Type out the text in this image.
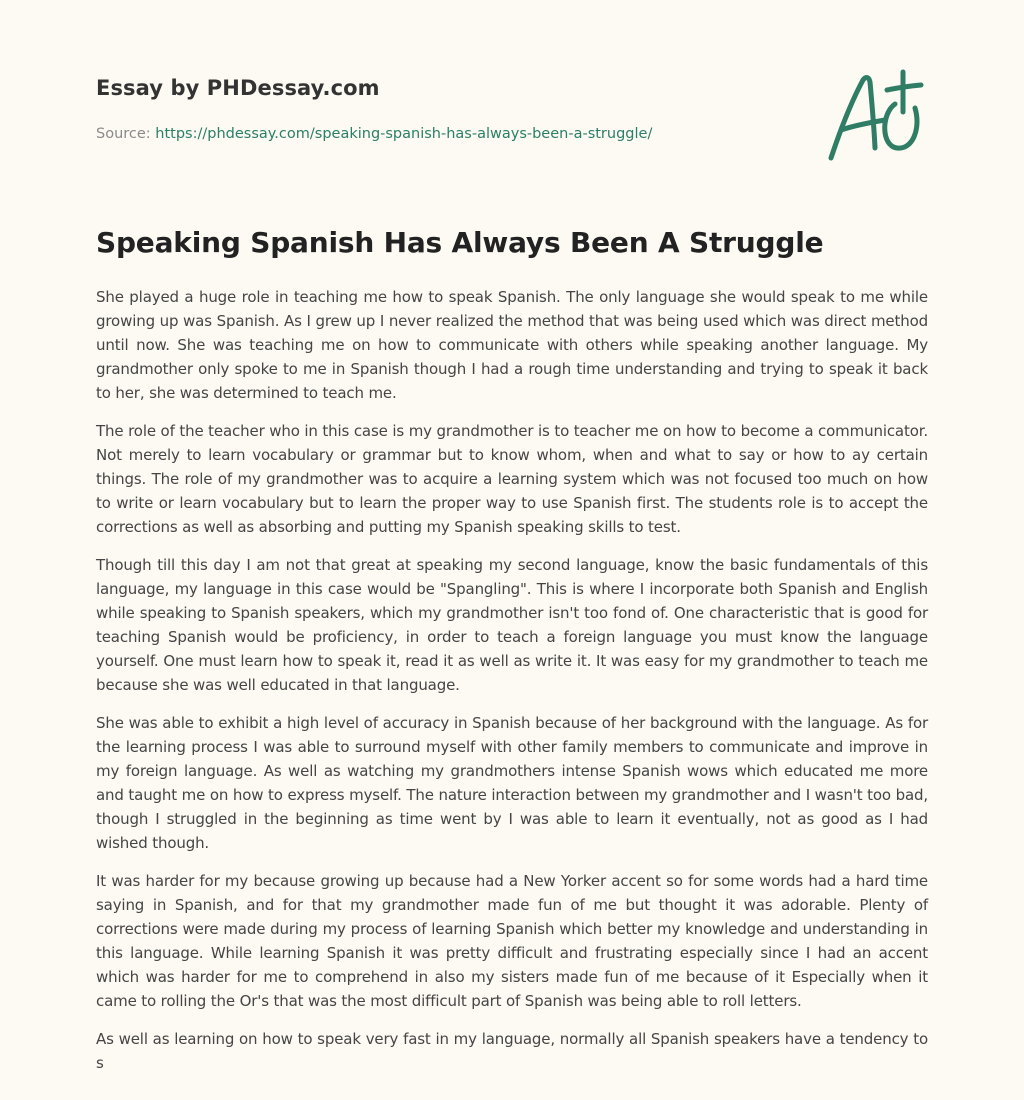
Essay by PHDessay.com
Source: https://phdessay.com/speaking-spanish-has-always-been-a-struggle/
Speaking Spanish Has Always Been A Struggle

She played a huge role in teaching me how to speak Spanish. The only language she would speak to me while growing up was Spanish. As I grew up I never realized the method that was being used which was direct method until now. She was teaching me on how to communicate with others while speaking another language. My grandmother only spoke to me in Spanish though I had a rough time understanding and trying to speak it back to her, she was determined to teach me.

The role of the teacher who in this case is my grandmother is to teacher me on how to become a communicator. Not merely to learn vocabulary or grammar but to know whom, when and what to say or how to ay certain things. The role of my grandmother was to acquire a learning system which was not focused too much on how to write or learn vocabulary but to learn the proper way to use Spanish first. The students role is to accept the corrections as well as absorbing and putting my Spanish speaking skills to test.

Though till this day I am not that great at speaking my second language, know the basic fundamentals of this language, my language in this case would be "Spangling". This is where I incorporate both Spanish and English while speaking to Spanish speakers, which my grandmother isn't too fond of. One characteristic that is good for teaching Spanish would be proficiency, in order to teach a foreign language you must know the language yourself. One must learn how to speak it, read it as well as write it. It was easy for my grandmother to teach me because she was well educated in that language.

She was able to exhibit a high level of accuracy in Spanish because of her background with the language. As for the learning process I was able to surround myself with other family members to communicate and improve in my foreign language. As well as watching my grandmothers intense Spanish wows which educated me more and taught me on how to express myself. The nature interaction between my grandmother and I wasn't too bad, though I struggled in the beginning as time went by I was able to learn it eventually, not as good as I had wished though.

It was harder for my because growing up because had a New Yorker accent so for some words had a hard time saying in Spanish, and for that my grandmother made fun of me but thought it was adorable. Plenty of corrections were made during my process of learning Spanish which better my knowledge and understanding in this language. While learning Spanish it was pretty difficult and frustrating especially since I had an accent which was harder for me to comprehend in also my sisters made fun of me because of it Especially when it came to rolling the Or's that was the most difficult part of Spanish was being able to roll letters.

As well as learning on how to speak very fast in my language, normally all Spanish speakers have a tendency to s
